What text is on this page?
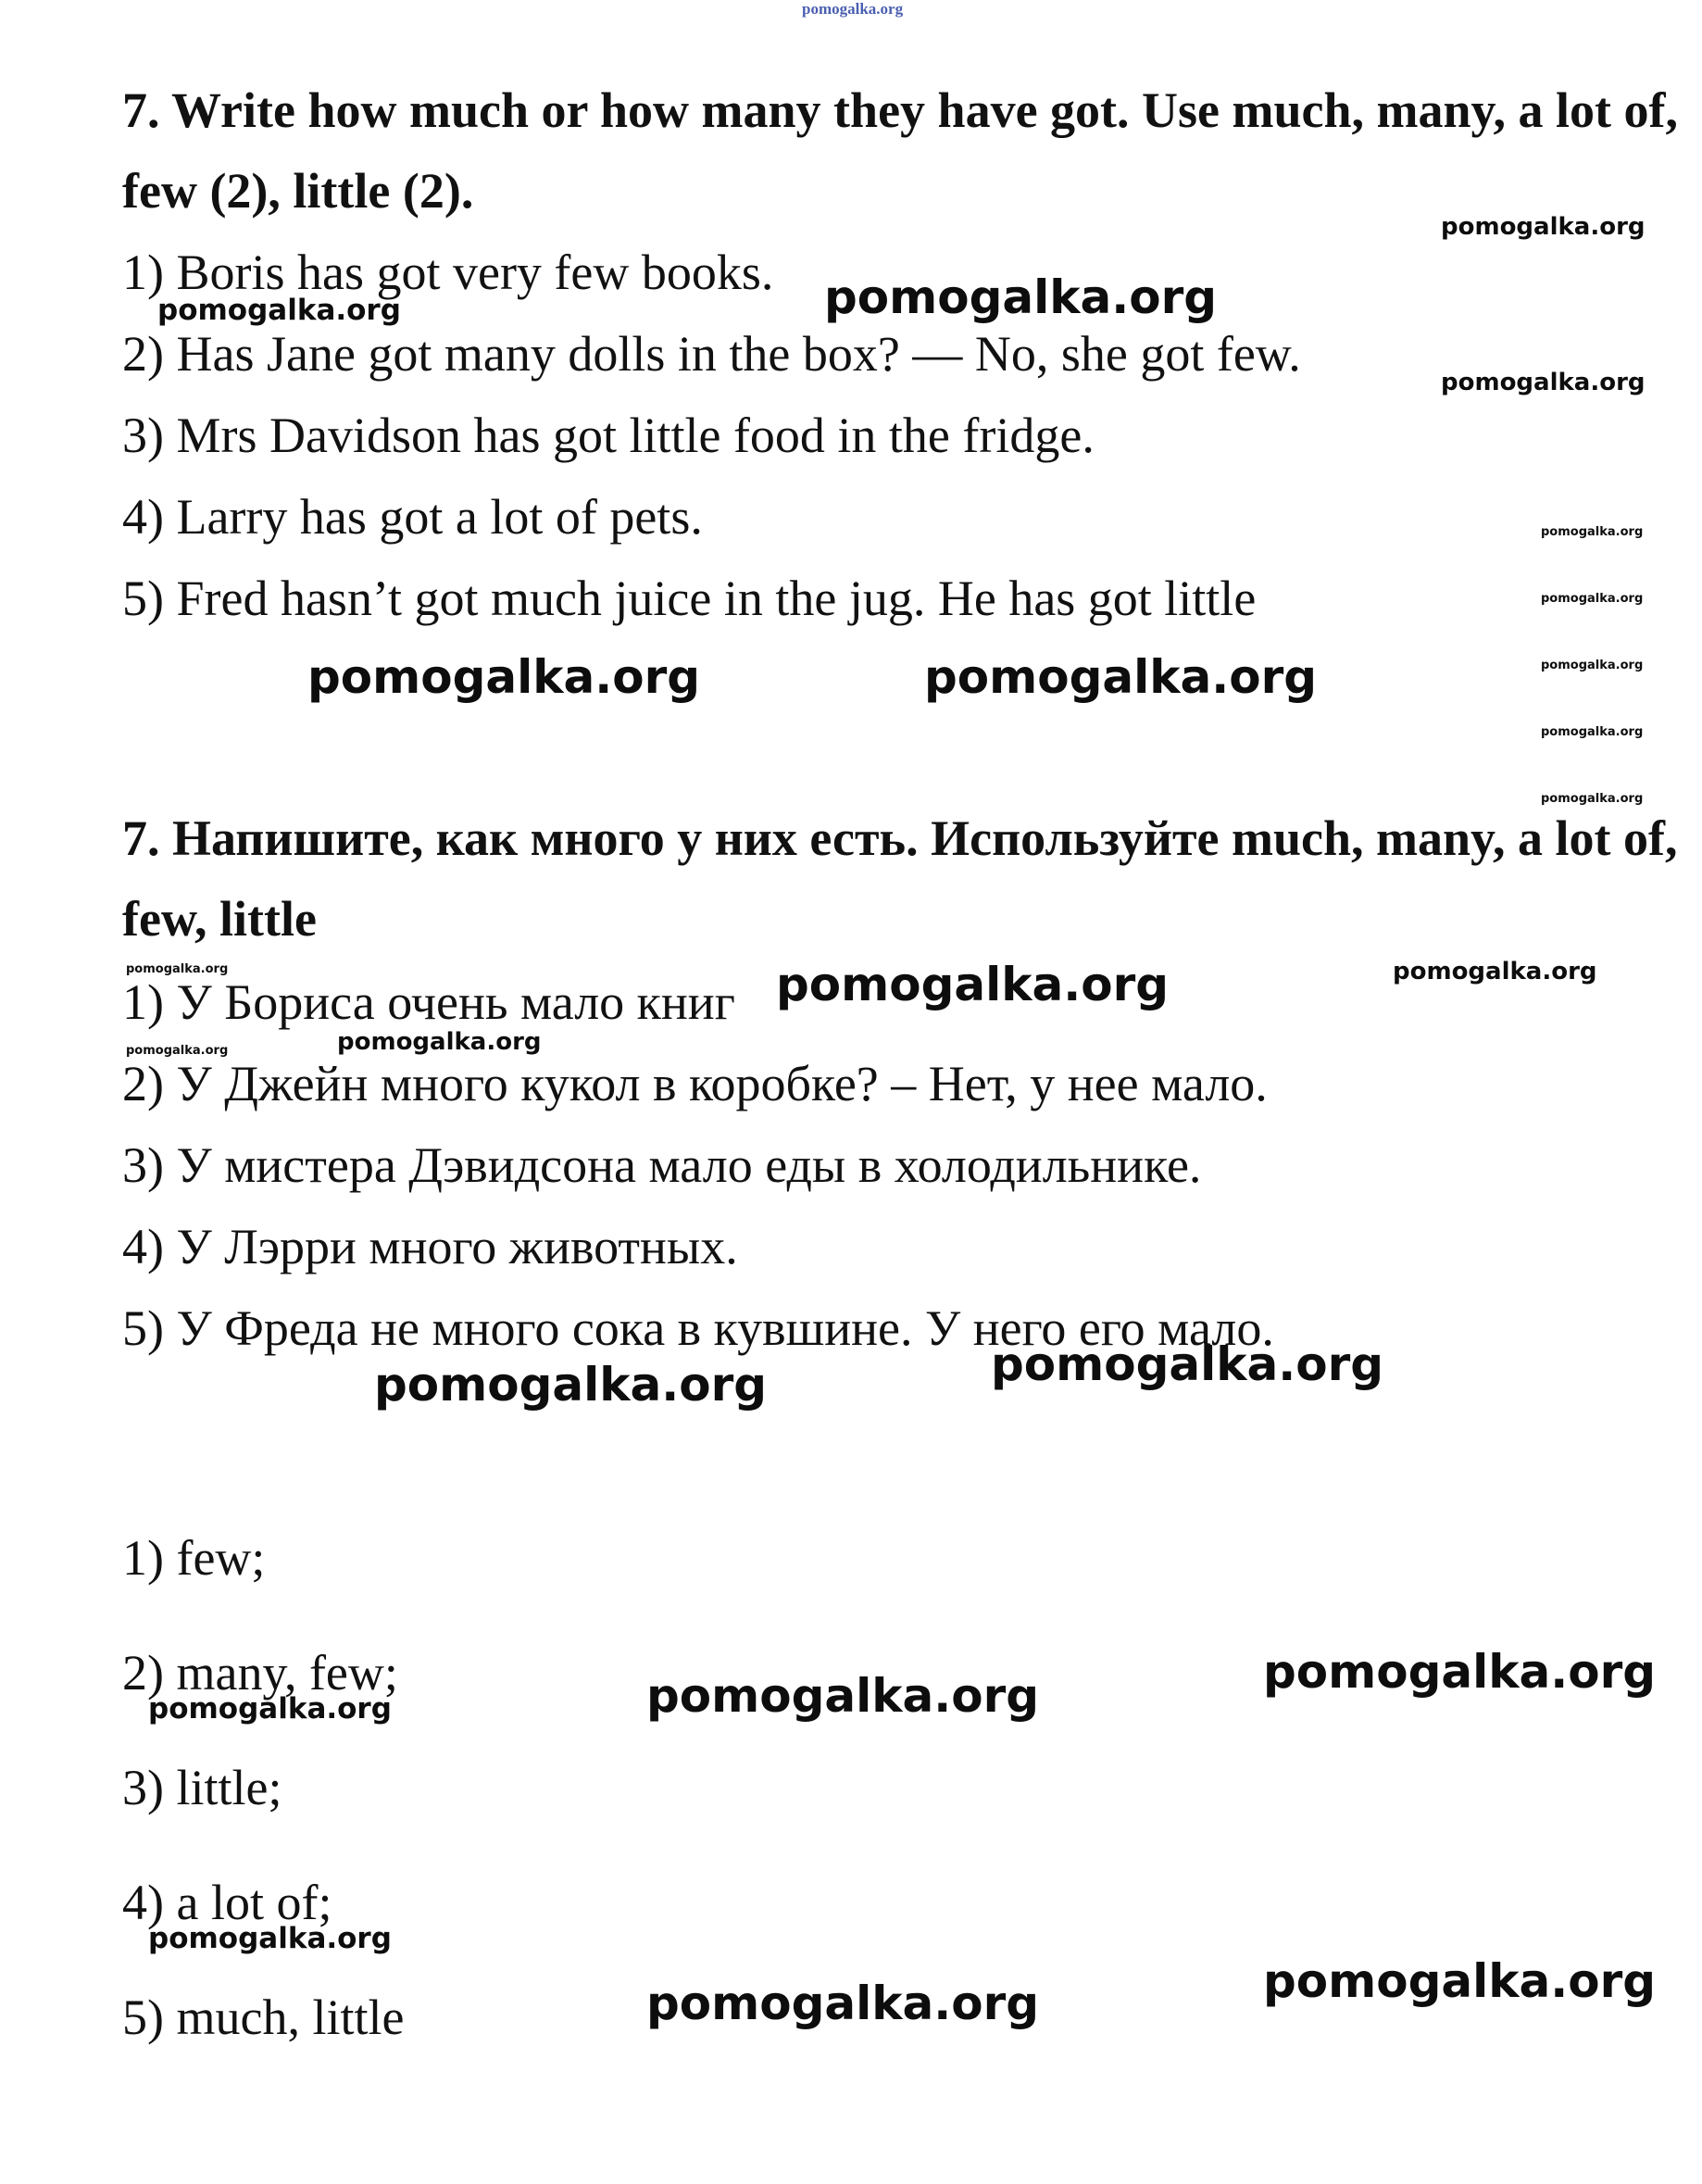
pomogalka.org

7. Write how much or how many they have got. Use much, many, a lot of, few (2), little (2).

1) Boris has got very few books.

2) Has Jane got many dolls in the box? — No, she got few.

3) Mrs Davidson has got little food in the fridge.

4) Larry has got a lot of pets.

5) Fred hasn’t got much juice in the jug. He has got little

7. Напишите, как много у них есть. Используйте much, many, a lot of, few, little

1) У Бориса очень мало книг

2) У Джейн много кукол в коробке? – Нет, у нее мало.

3) У мистера Дэвидсона мало еды в холодильнике.

4) У Лэрри много животных.

5) У Фреда не много сока в кувшине. У него его мало.

1) few;

2) many, few;

3) little;

4) a lot of;

5) much, little

pomogalka.org
pomogalka.org	pomogalka.org
pomogalka.org
pomogalka.org
pomogalka.org
pomogalka.org
pomogalka.org
pomogalka.org
pomogalka.org	pomogalka.org
pomogalka.org	pomogalka.org	pomogalka.org
pomogalka.org	pomogalka.org
pomogalka.org
pomogalka.org
pomogalka.org	pomogalka.org	pomogalka.org
pomogalka.org
pomogalka.org	pomogalka.org
